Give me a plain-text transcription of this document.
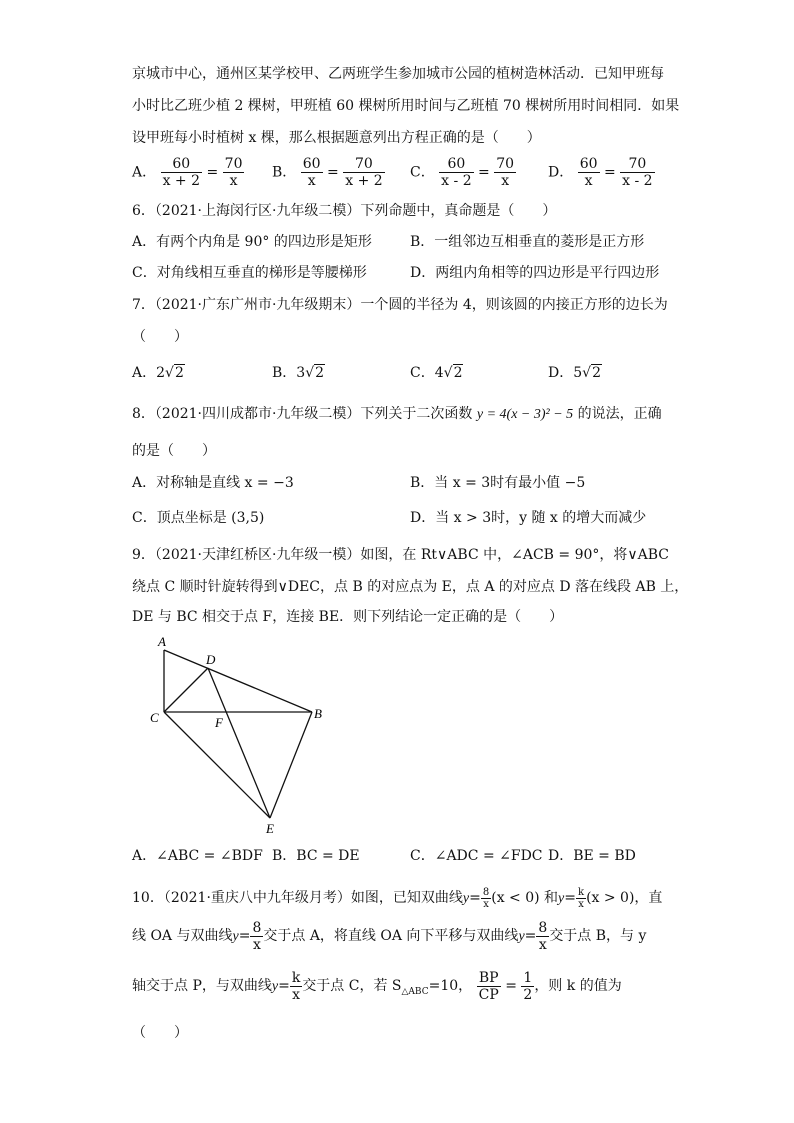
京城市中心，通州区某学校甲、乙两班学生参加城市公园的植树造林活动．已知甲班每
小时比乙班少植 2 棵树，甲班植 60 棵树所用时间与乙班植 70 棵树所用时间相同．如果
设甲班每小时植树 x 棵，那么根据题意列出方程正确的是（　　）
A． $\frac{60}{x + 2} = \frac{70}{x}$ B． $\frac{60}{x} = \frac{70}{x + 2}$ C． $\frac{60}{x - 2} = \frac{70}{x}$ D． $\frac{60}{x} = \frac{70}{x - 2}$
6．（2021·上海闵行区·九年级二模）下列命题中，真命题是（　　）
A．有两个内角是 90° 的四边形是矩形	B．一组邻边互相垂直的菱形是正方形
C．对角线相互垂直的梯形是等腰梯形	D．两组内角相等的四边形是平行四边形
7．（2021·广东广州市·九年级期末）一个圆的半径为 4，则该圆的内接正方形的边长为
（　　）
A．2√2	B．3√2	C．4√2	D．5√2
8．（2021·四川成都市·九年级二模）下列关于二次函数 y = 4(x − 3)² − 5 的说法，正确
的是（　　）
A．对称轴是直线 x = −3	B．当 x = 3时有最小值 −5
C．顶点坐标是 (3,5)	D．当 x > 3时，y 随 x 的增大而减少
9．（2021·天津红桥区·九年级一模）如图，在 Rt∨ABC 中，∠ACB = 90°，将∨ABC
绕点 C 顺时针旋转得到∨DEC，点 B 的对应点为 E，点 A 的对应点 D 落在线段 AB 上，
DE 与 BC 相交于点 F，连接 BE．则下列结论一定正确的是（　　）
A
D
C	F
B
E
A．∠ABC = ∠BDF B．BC = DE	C．∠ADC = ∠FDC D．BE = BD
10．（2021·重庆八中九年级月考）如图，已知双曲线$y= \frac{8}{x} (x < 0)$ 和$y= \frac{k}{x} (x > 0)$，直
线 OA 与双曲线$y= \frac{8}{x}$ 交于点 A，将直线 OA 向下平移与双曲线$y= \frac{8}{x}$ 交于点 B，与 y
轴交于点 P，与双曲线$y= \frac{k}{x}$ 交于点 C，若 $S_{\triangle ABC}=10$， $\frac{BP}{CP} = \frac{1}{2}$ ，则 k 的值为
（　　）
